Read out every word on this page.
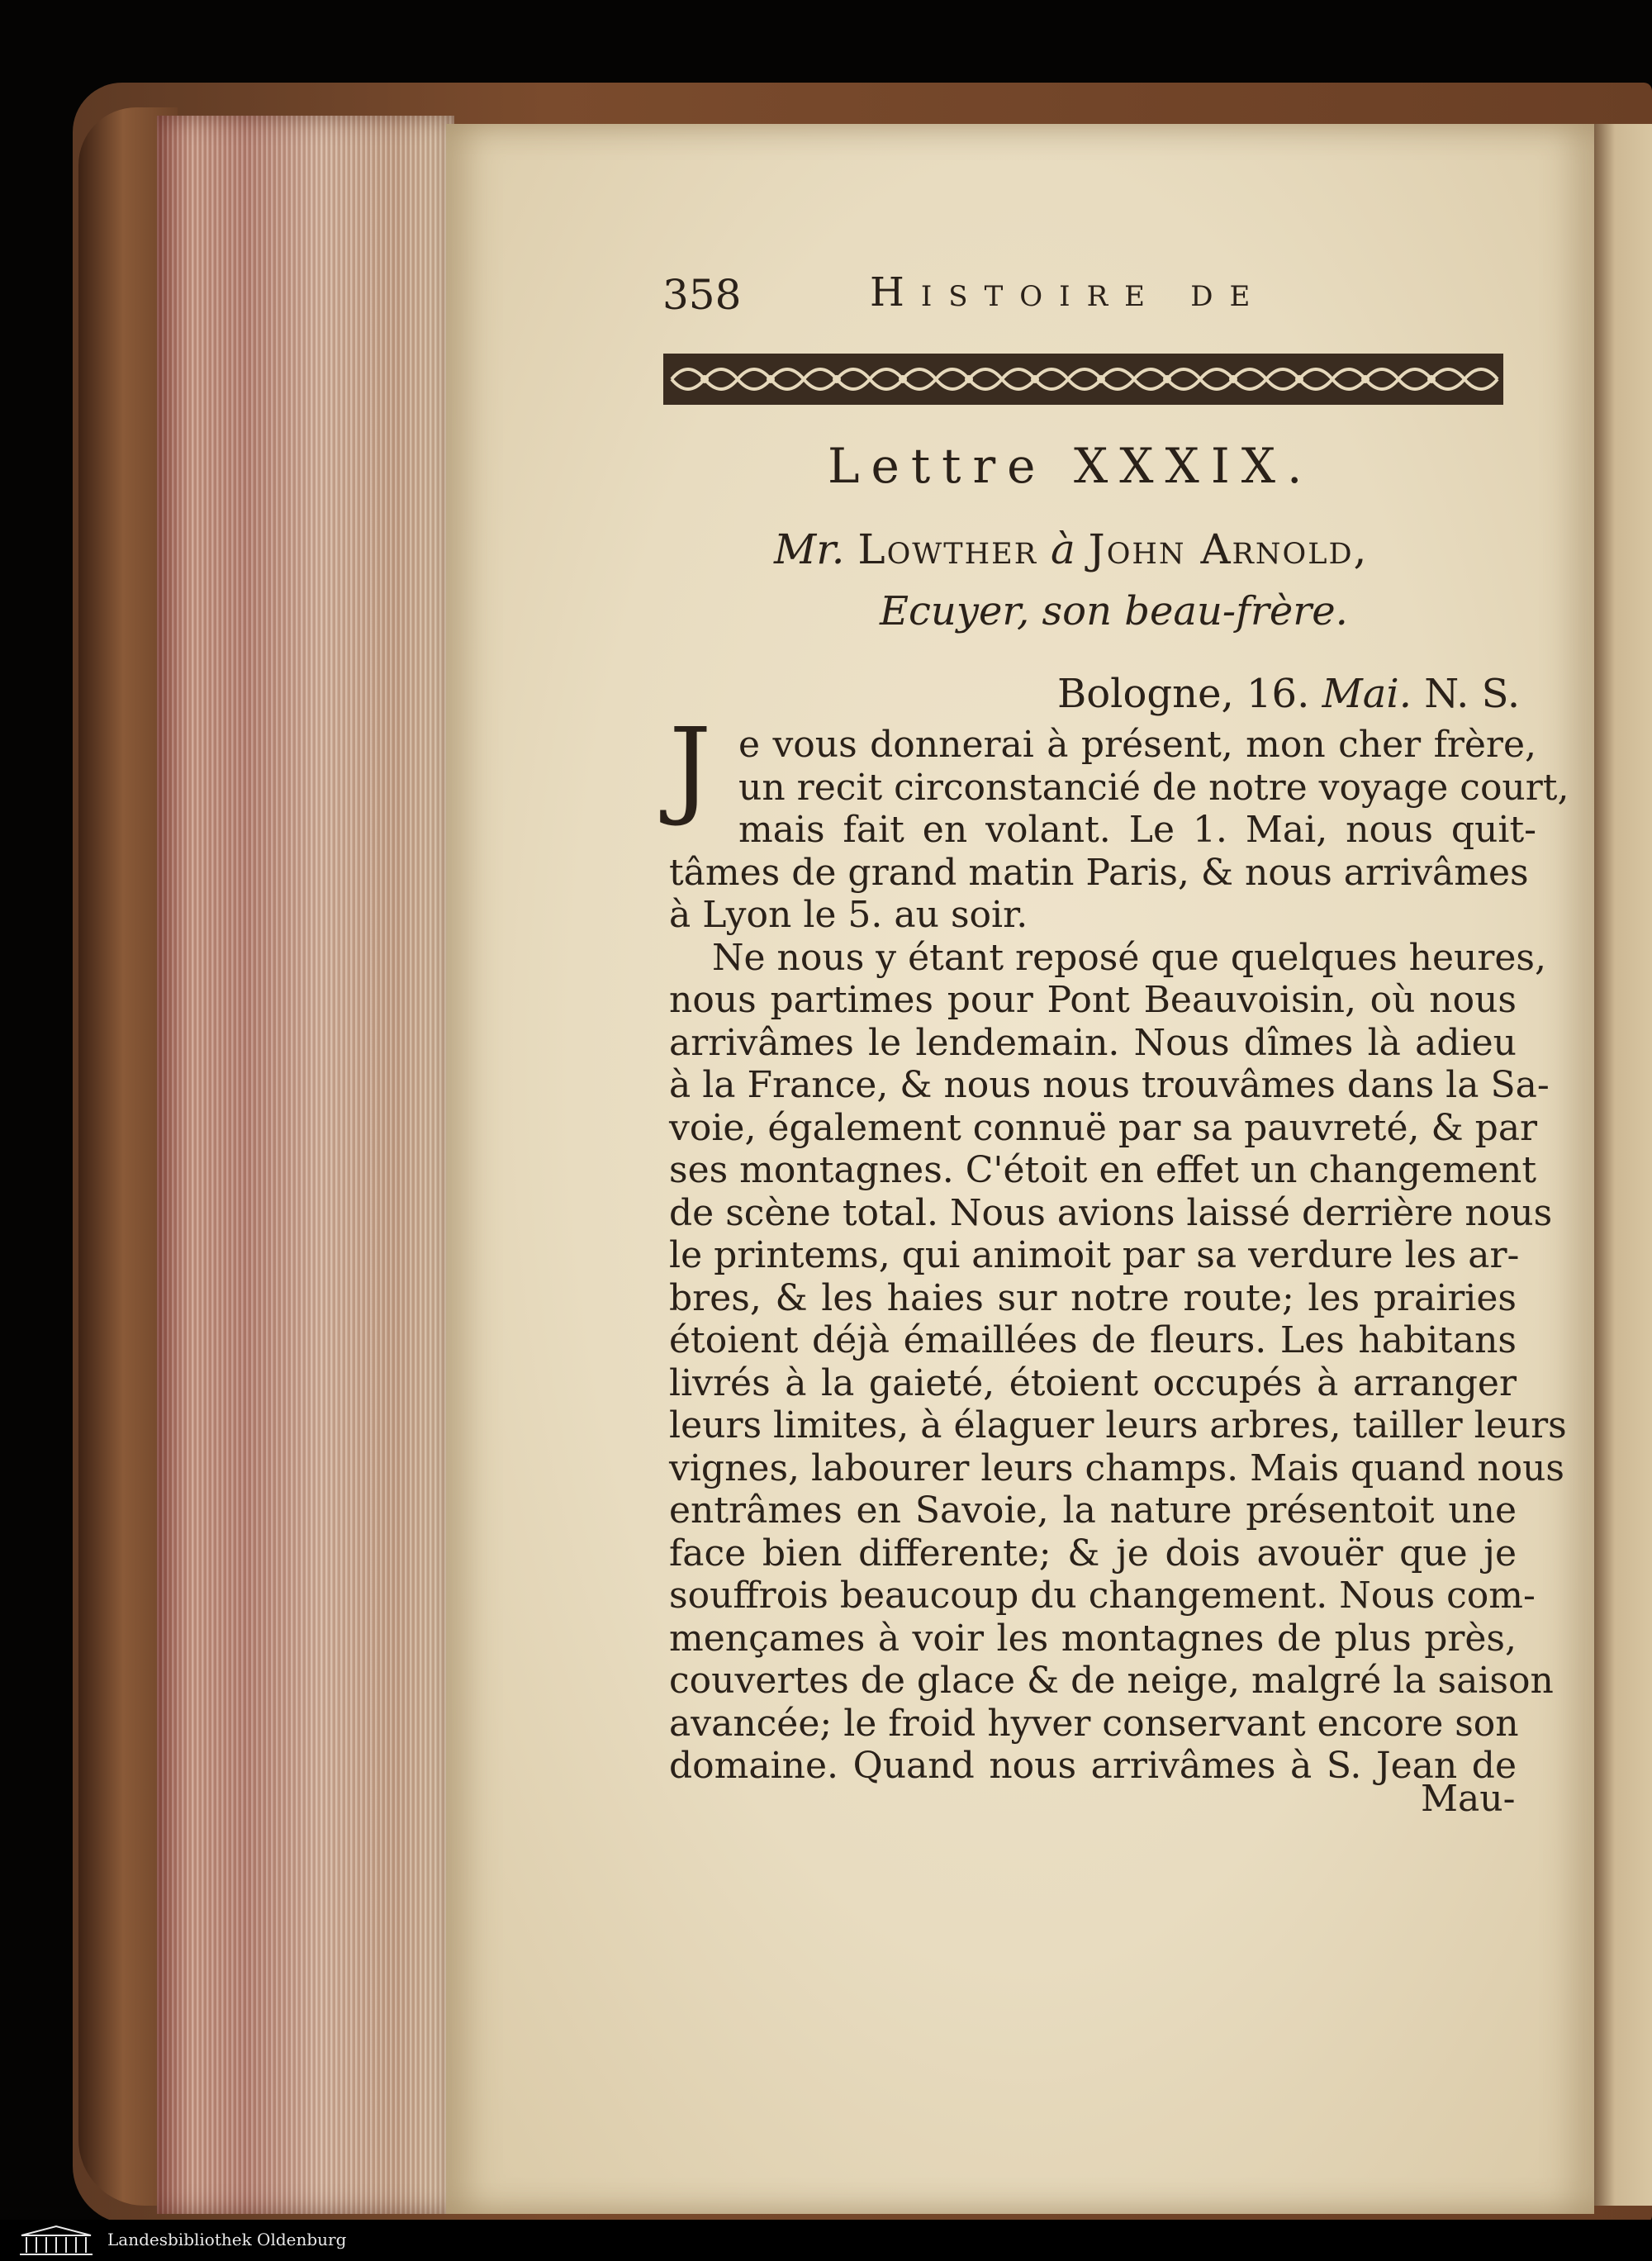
358	Histoire de
Lettre XXXIX.
Mr. Lowther à John Arnold,
Ecuyer, son beau-frère.
Bologne, 16. Mai. N. S.
J e vous donnerai à présent, mon cher frère,
un recit circonstancié de notre voyage court,
mais fait en volant. Le 1. Mai, nous quit-
tâmes de grand matin Paris, & nous arrivâmes
à Lyon le 5. au soir.
Ne nous y étant reposé que quelques heures,
nous partimes pour Pont Beauvoisin, où nous
arrivâmes le lendemain. Nous dîmes là adieu
à la France, & nous nous trouvâmes dans la Sa-
voie, également connuë par sa pauvreté, & par
ses montagnes. C'étoit en effet un changement
de scène total. Nous avions laissé derrière nous
le printems, qui animoit par sa verdure les ar-
bres, & les haies sur notre route; les prairies
étoient déjà émaillées de fleurs. Les habitans
livrés à la gaieté, étoient occupés à arranger
leurs limites, à élaguer leurs arbres, tailler leurs
vignes, labourer leurs champs. Mais quand nous
entrâmes en Savoie, la nature présentoit une
face bien differente; & je dois avouër que je
souffrois beaucoup du changement. Nous com-
mençames à voir les montagnes de plus près,
couvertes de glace & de neige, malgré la saison
avancée; le froid hyver conservant encore son
domaine. Quand nous arrivâmes à S. Jean de
Mau-
Landesbibliothek Oldenburg
